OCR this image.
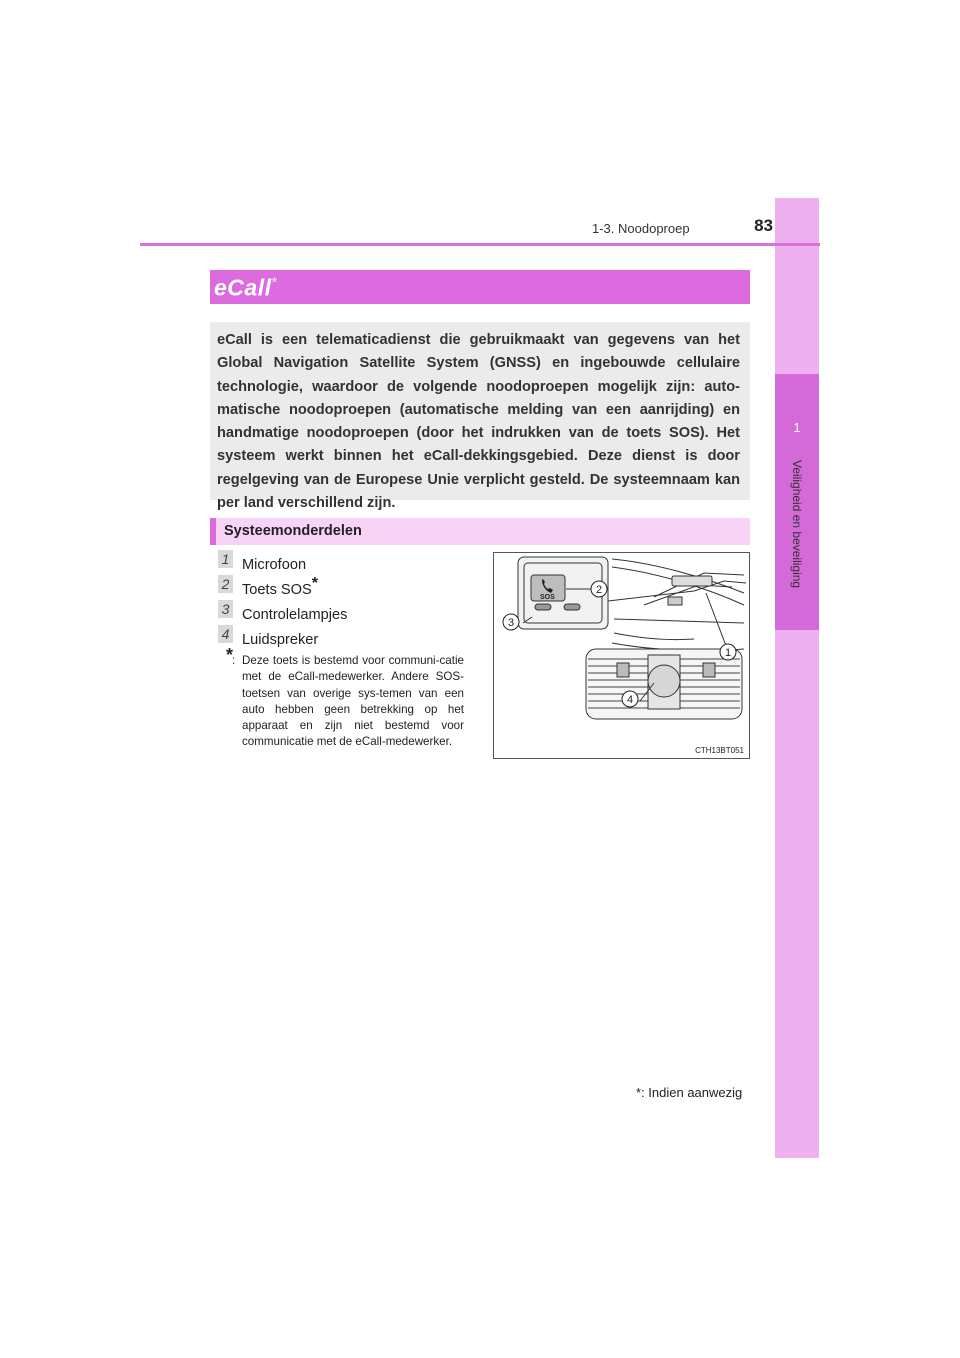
1
Veiligheid en beveiliging
1-3. Noodoproep	83
eCall*

eCall is een telematicadienst die gebruikmaakt van gegevens van het Global Navigation Satellite System (GNSS) en ingebouwde cellulaire technologie, waardoor de volgende noodoproepen mogelijk zijn: auto-matische noodoproepen (automatische melding van een aanrijding) en handmatige noodoproepen (door het indrukken van de toets SOS). Het systeem werkt binnen het eCall-dekkingsgebied. Deze dienst is door regelgeving van de Europese Unie verplicht gesteld. De systeemnaam kan per land verschillend zijn.

Systeemonderdelen
1 Microfoon
2 Toets SOS*
3 Controlelampjes
4 Luidspreker
*
: Deze toets is bestemd voor communi-catie met de eCall-medewerker. Andere SOS-toetsen van overige sys-temen van een auto hebben geen betrekking op het apparaat en zijn niet bestemd voor communicatie met de eCall-medewerker.
SOS
1
2
3
4
CTH13BT051
*: Indien aanwezig
